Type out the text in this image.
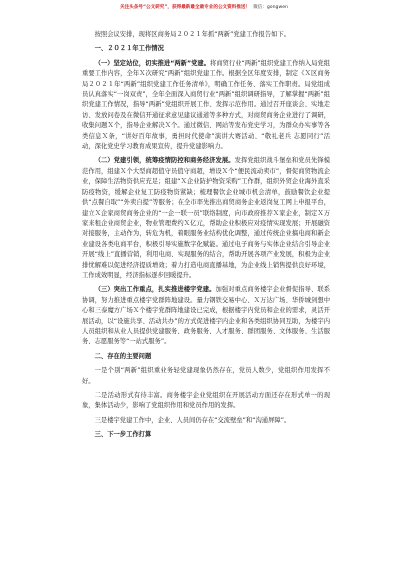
关注头条号“公文研究”，获得最新最全最专业的公文资料推送！ 微信：gongwen

按照会议安排，现将区商务局２０２１年抓“两新”党建工作报告如下。

一、２０２１年工作情况

（一）坚定站位，切实推进“两新”党建。将商贸行业“两新”组织党建工作纳入局党组重要工作内容，全年Ｘ次研究“两新”组织党建工作。根据全区年度安排，制定《Ｘ区商务局２０２１年“两新”组织党建工作任务清单》，明确工作任务、落实工作职责。局党组成员认真落实“一岗双责”，全年全面深入商贸行业“两新”组织调研指导，了解掌握“两新”组织党建工作情况，指导“两新”党组织开展工作、发挥示范作用。通过召开座谈会、实地走访、发放问卷及在微信开通征求意见建议通道等多种方式，对商贸商务企业进行了调研，收集问题Ｘ个，指导企业解决Ｘ个。通过微信、网站等发布党史学习，为群众办实事等各类信息Ｘ条，“讲好百年故事，勇担时代使命”演讲大赛活动、“敬礼老兵 志愿同行”活动，深化党史学习教育成果宣传，提升党建影响力。

（二）党建引领，统筹疫情防控和商务经济发展。发挥党组织战斗堡垒和党员先锋模范作用，组建Ｘ个大型商超值守员值守商超，增设Ｘ个“便民流动卖市”，督促商贸物流企业，保障生活物资供应充足；组建“Ｘ企业防护物资采购”工作群，组织外贸企业海外直采防疫物资，缓解企业复工防疫物资紧缺；梳理餐饮企业城市机会清单，鼓励餐饮企业提供“点餐自取”“外卖自提”等服务；在全市率先推出商贸商务企业返岗复工网上申报平台，建立Ｘ企家商贸商务企业的“一企一联一员”联络制度，向市政府推荐Ｘ家企业，制定Ｘ万家来租企业商贸企业，物业管理费约Ｘ亿元，帮助企业积极应对疫情实现发展；开展融资对接服务，主动作为，转危为机，着眼服务业结构优化调整，通过传统企业搞电商和新企业建设各类电商平台，积极引导实施数字化赋能。通过电子商务与实体企业结合引导企业开展“线上”直播营销，利用电商、实现服务的结合，帮助开展各项产业发展，积极为企业排忧解难以促进经济提质增效；着力打造电商直播基地，为企业线上销售提供良好环境，工作成效明显，经济指标逐步回暖提升。

（三）突出工作重点，扎实推进楼宇党建。加强对重点商务楼宇企业督促指导、联系协调，努力推进重点楼宇党群阵地建设。量力钢铁交易中心、Ｘ万达广场、华侨城剑想中心和三泰魔方广场Ｘ个楼宇党群阵地建设已完成，根据楼宇内党员和企业的需求，灵活开展活动，以“设施共享、活动共办”的方式促进楼宇内企业和各类组织协同互助，为楼宇内人员组织和从业人员提供党建服务、政务服务、人才服务、群团服务、文体服务、生活服务、志愿服务等“一站式服务”。

二、存在的主要问题

一是个别“两新”组织重业务轻党建现象仍然存在，党员人数少，党组织作用发挥不好。

二是活动形式有待丰富。商务楼宇企业党组织在开展活动方面还存在形式单一的现象，集体活动少，影响了党组织作用和党员作用的发挥。

三是楼宇党建工作中，企业、人员间仍存在“交流壁垒”和“沟通屏障”。

三、下一步工作打算
